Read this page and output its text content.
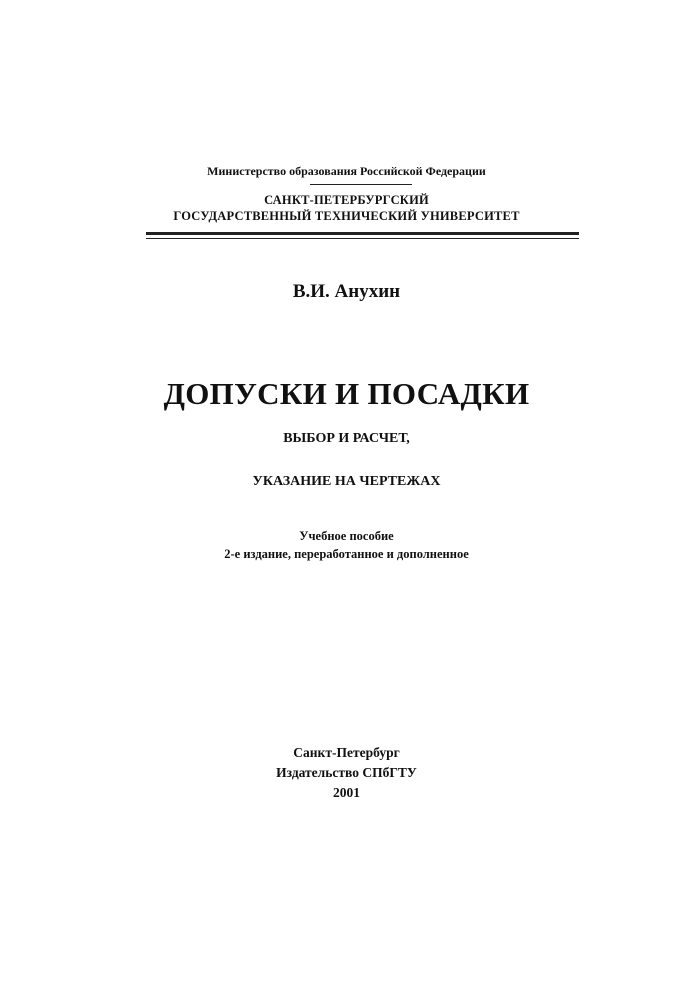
Министерство образования Российской Федерации
САНКТ-ПЕТЕРБУРГСКИЙ
ГОСУДАРСТВЕННЫЙ ТЕХНИЧЕСКИЙ УНИВЕРСИТЕТ
В.И. Анухин
ДОПУСКИ И ПОСАДКИ
ВЫБОР И РАСЧЕТ,
УКАЗАНИЕ НА ЧЕРТЕЖАХ
Учебное пособие
2-е издание, переработанное и дополненное
Санкт-Петербург
Издательство СПбГТУ
2001
